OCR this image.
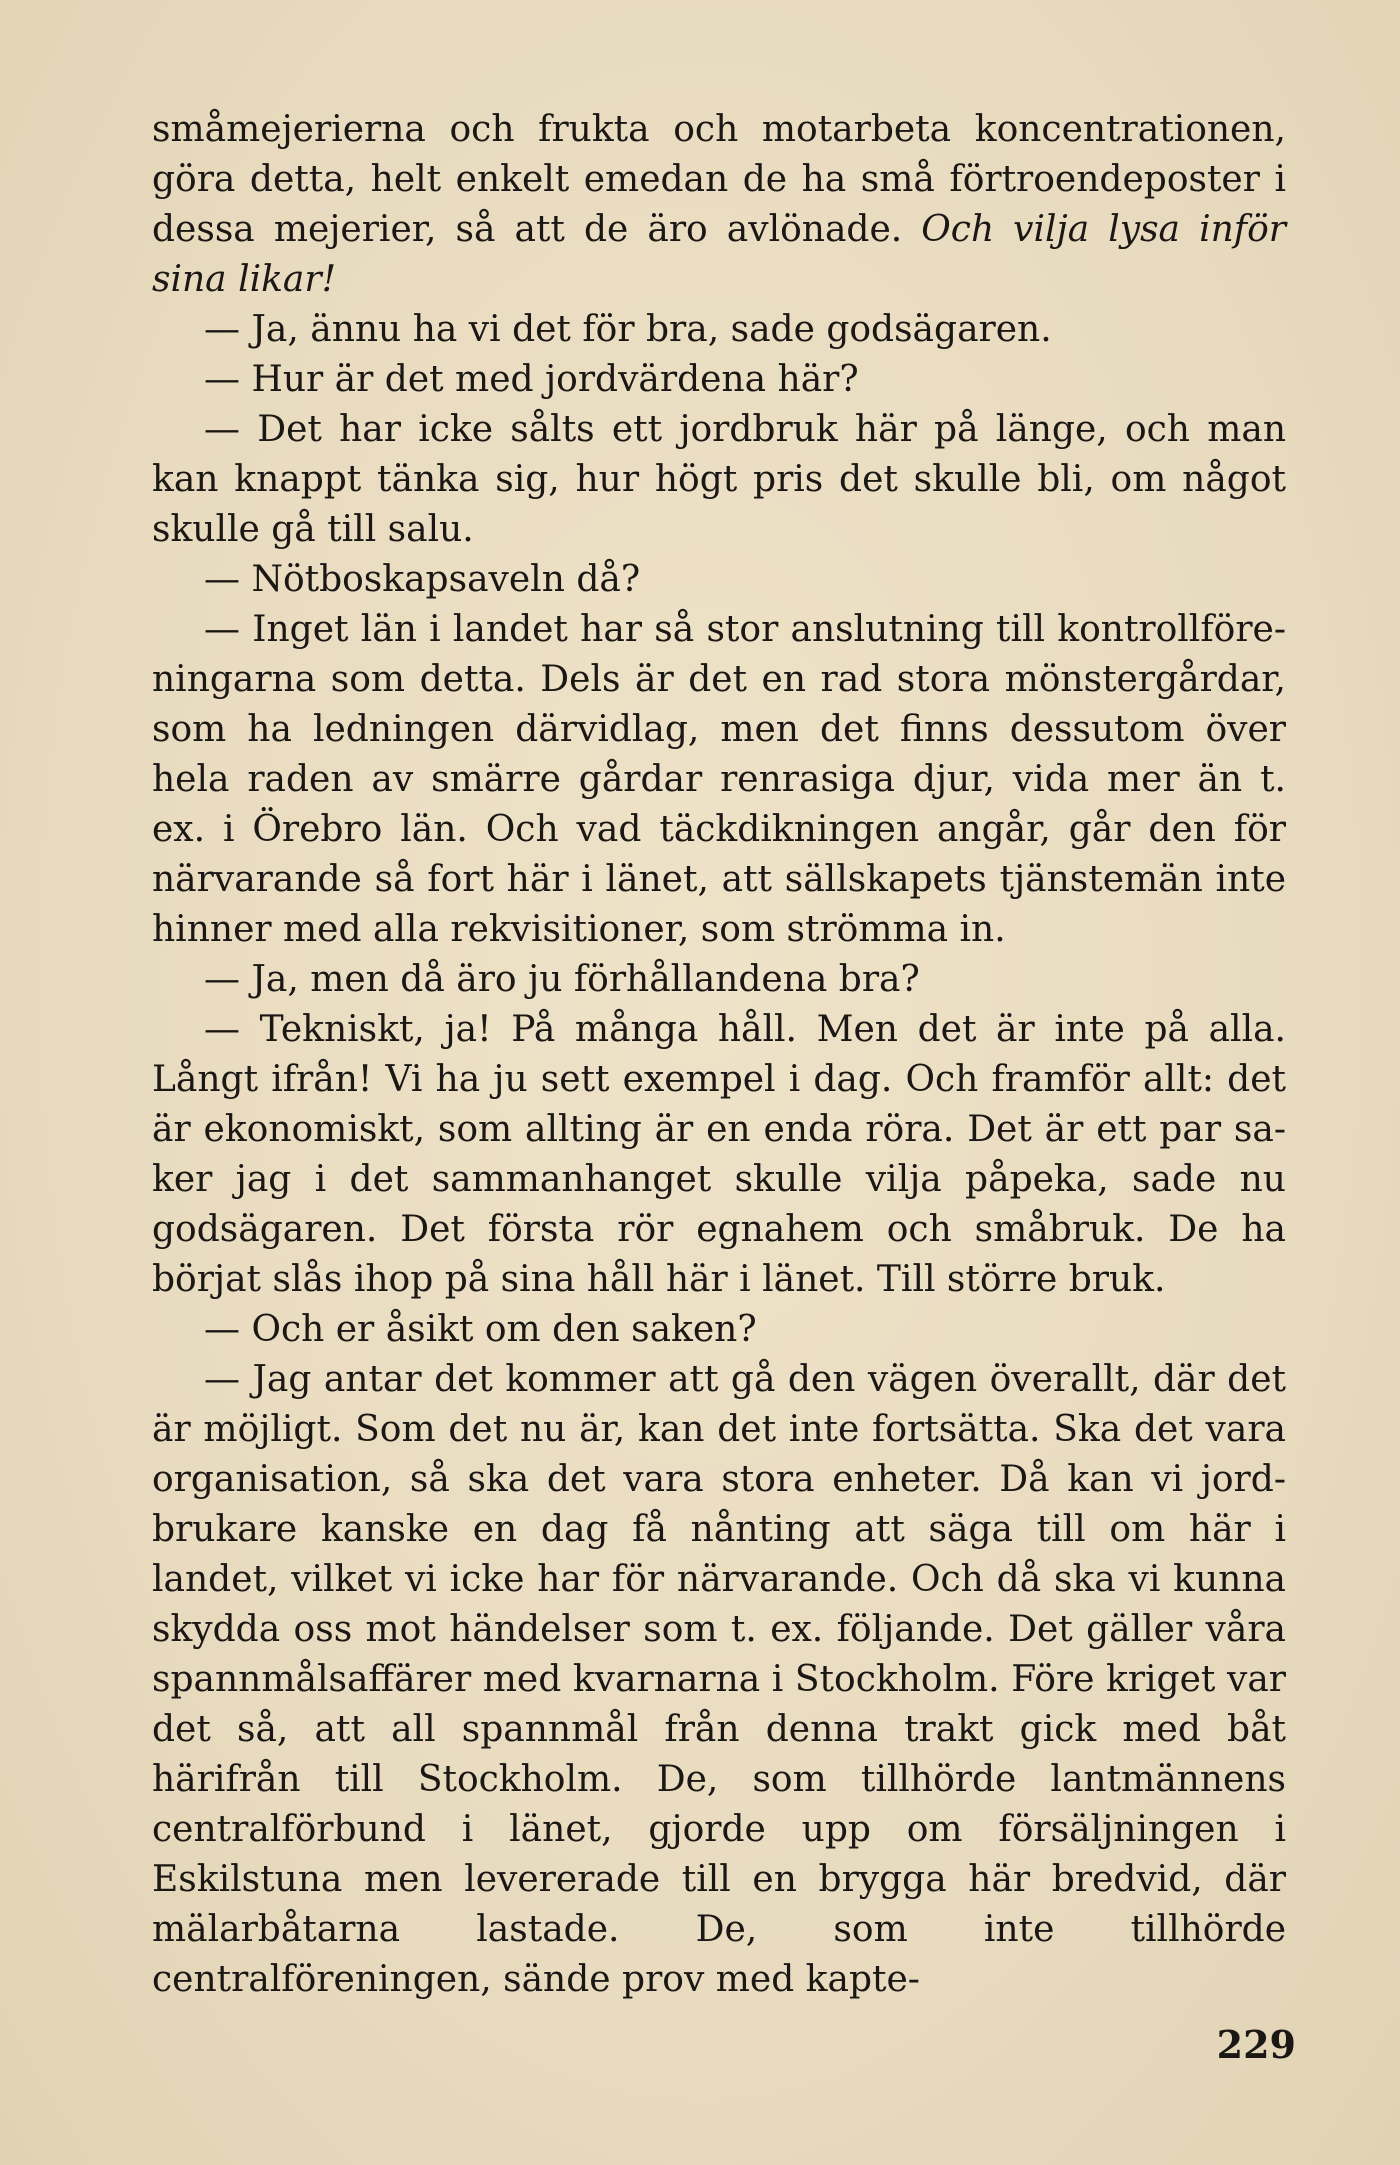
småmejerierna och frukta och motarbeta koncentrationen, göra detta, helt enkelt emedan de ha små förtroendeposter i dessa mejerier, så att de äro avlönade. Och vilja lysa inför sina likar!

— Ja, ännu ha vi det för bra, sade godsägaren.

— Hur är det med jordvärdena här?

— Det har icke sålts ett jordbruk här på länge, och man kan knappt tänka sig, hur högt pris det skulle bli, om något skulle gå till salu.

— Nötboskapsaveln då?

— Inget län i landet har så stor anslutning till kontrollföreningarna som detta. Dels är det en rad stora mönstergårdar, som ha ledningen därvidlag, men det finns dessutom över hela raden av smärre gårdar renrasiga djur, vida mer än t. ex. i Örebro län. Och vad täckdikningen angår, går den för närvarande så fort här i länet, att sällskapets tjänstemän inte hinner med alla rekvisitioner, som strömma in.

— Ja, men då äro ju förhållandena bra?

— Tekniskt, ja! På många håll. Men det är inte på alla. Långt ifrån! Vi ha ju sett exempel i dag. Och framför allt: det är ekonomiskt, som allting är en enda röra. Det är ett par saker jag i det sammanhanget skulle vilja påpeka, sade nu godsägaren. Det första rör egnahem och småbruk. De ha börjat slås ihop på sina håll här i länet. Till större bruk.

— Och er åsikt om den saken?

— Jag antar det kommer att gå den vägen överallt, där det är möjligt. Som det nu är, kan det inte fortsätta. Ska det vara organisation, så ska det vara stora enheter. Då kan vi jordbrukare kanske en dag få nånting att säga till om här i landet, vilket vi icke har för närvarande. Och då ska vi kunna skydda oss mot händelser som t. ex. följande. Det gäller våra spannmålsaffärer med kvarnarna i Stockholm. Före kriget var det så, att all spannmål från denna trakt gick med båt härifrån till Stockholm. De, som tillhörde lantmännens centralförbund i länet, gjorde upp om försäljningen i Eskilstuna men levererade till en brygga här bredvid, där mälarbåtarna lastade. De, som inte tillhörde centralföreningen, sände prov med kapte-

229
